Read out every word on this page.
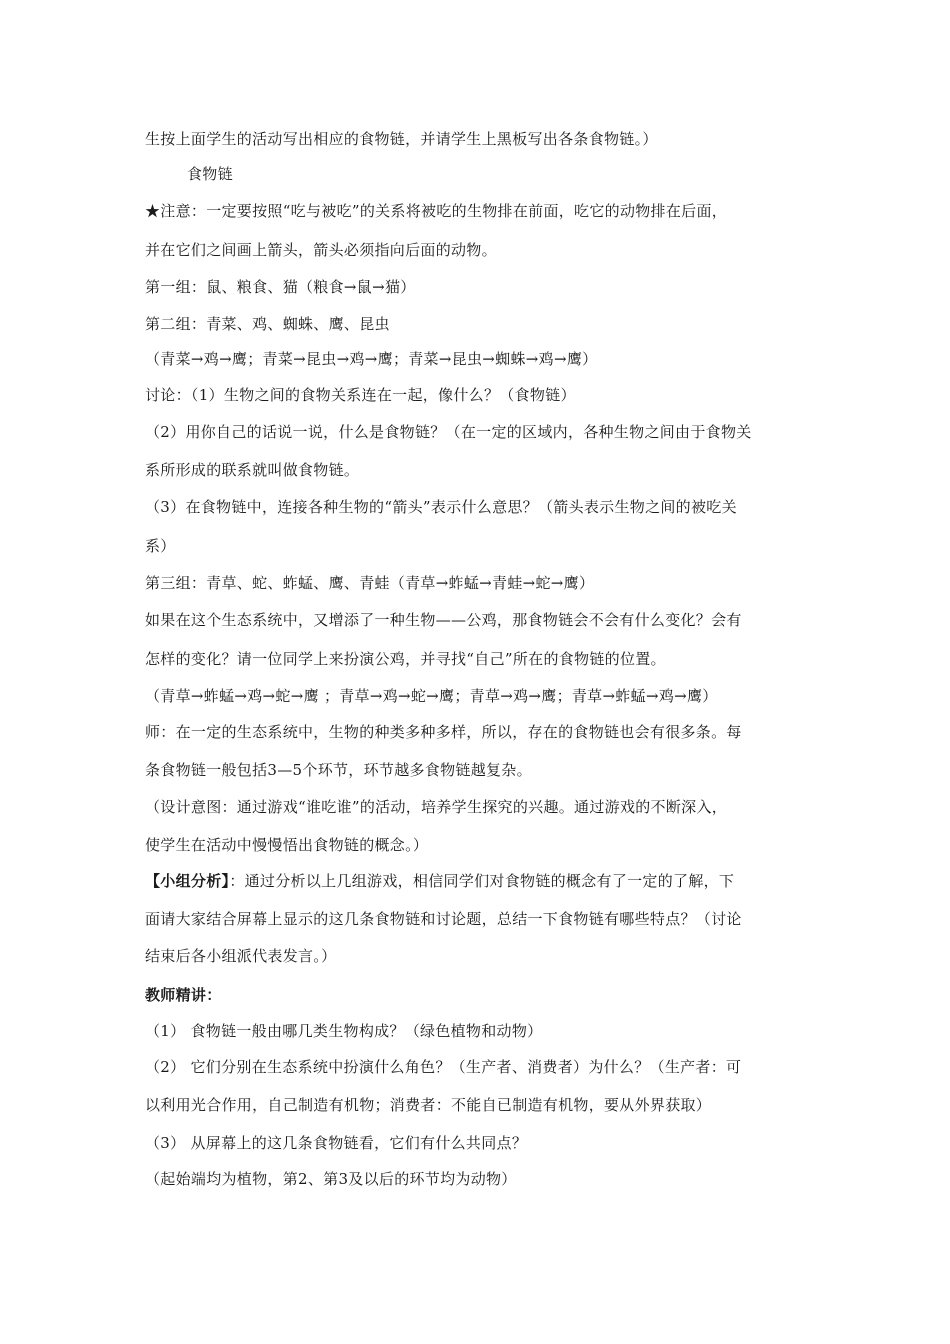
生按上面学生的活动写出相应的食物链，并请学生上黑板写出各条食物链。）
食物链
★注意：一定要按照“吃与被吃”的关系将被吃的生物排在前面，吃它的动物排在后面，
并在它们之间画上箭头，箭头必须指向后面的动物。
第一组：鼠、粮食、猫（粮食→鼠→猫）
第二组：青菜、鸡、蜘蛛、鹰、昆虫
（青菜→鸡→鹰；青菜→昆虫→鸡→鹰；青菜→昆虫→蜘蛛→鸡→鹰）
讨论：（1）生物之间的食物关系连在一起，像什么？（食物链）
（2）用你自己的话说一说，什么是食物链？（在一定的区域内，各种生物之间由于食物关
系所形成的联系就叫做食物链。
（3）在食物链中，连接各种生物的“箭头”表示什么意思？（箭头表示生物之间的被吃关
系）
第三组：青草、蛇、蚱蜢、鹰、青蛙（青草→蚱蜢→青蛙→蛇→鹰）
如果在这个生态系统中，又增添了一种生物——公鸡，那食物链会不会有什么变化？会有
怎样的变化？请一位同学上来扮演公鸡，并寻找“自己”所在的食物链的位置。
（青草→蚱蜢→鸡→蛇→鹰 ；青草→鸡→蛇→鹰；青草→鸡→鹰；青草→蚱蜢→鸡→鹰）
师：在一定的生态系统中，生物的种类多种多样，所以，存在的食物链也会有很多条。每
条食物链一般包括3—5个环节，环节越多食物链越复杂。
（设计意图：通过游戏“谁吃谁”的活动，培养学生探究的兴趣。通过游戏的不断深入，
使学生在活动中慢慢悟出食物链的概念。）
【小组分析】：通过分析以上几组游戏，相信同学们对食物链的概念有了一定的了解，下
面请大家结合屏幕上显示的这几条食物链和讨论题，总结一下食物链有哪些特点？（讨论
结束后各小组派代表发言。）
教师精讲：
（1） 食物链一般由哪几类生物构成？（绿色植物和动物）
（2） 它们分别在生态系统中扮演什么角色？（生产者、消费者）为什么？（生产者：可
以利用光合作用，自己制造有机物；消费者：不能自已制造有机物，要从外界获取）
（3） 从屏幕上的这几条食物链看，它们有什么共同点？
（起始端均为植物，第2、第3及以后的环节均为动物）
